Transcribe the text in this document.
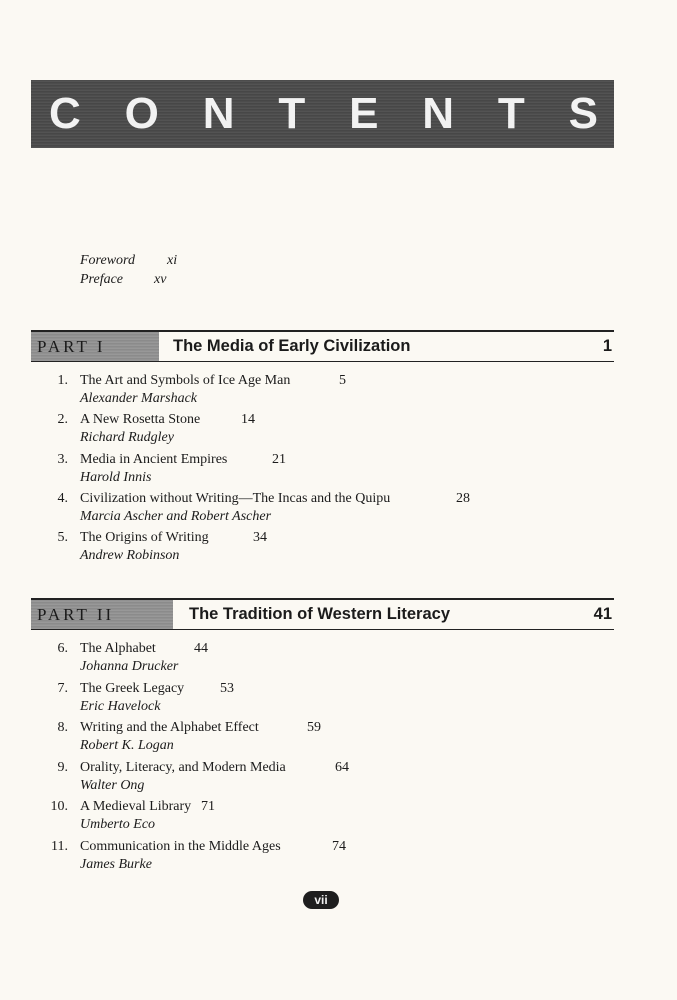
C O N T E N T S
Foreword xi
Preface xv
PART I	The Media of Early Civilization	1
1. The Art and Symbols of Ice Age Man	5
Alexander Marshack
2. A New Rosetta Stone	14
Richard Rudgley
3. Media in Ancient Empires	21
Harold Innis
4. Civilization without Writing—The Incas and the Quipu	28
Marcia Ascher and Robert Ascher
5. The Origins of Writing	34
Andrew Robinson
PART II	The Tradition of Western Literacy	41
6. The Alphabet	44
Johanna Drucker
7. The Greek Legacy	53
Eric Havelock
8. Writing and the Alphabet Effect	59
Robert K. Logan
9. Orality, Literacy, and Modern Media	64
Walter Ong
10. A Medieval Library 71
Umberto Eco
11. Communication in the Middle Ages	74
James Burke
vii
